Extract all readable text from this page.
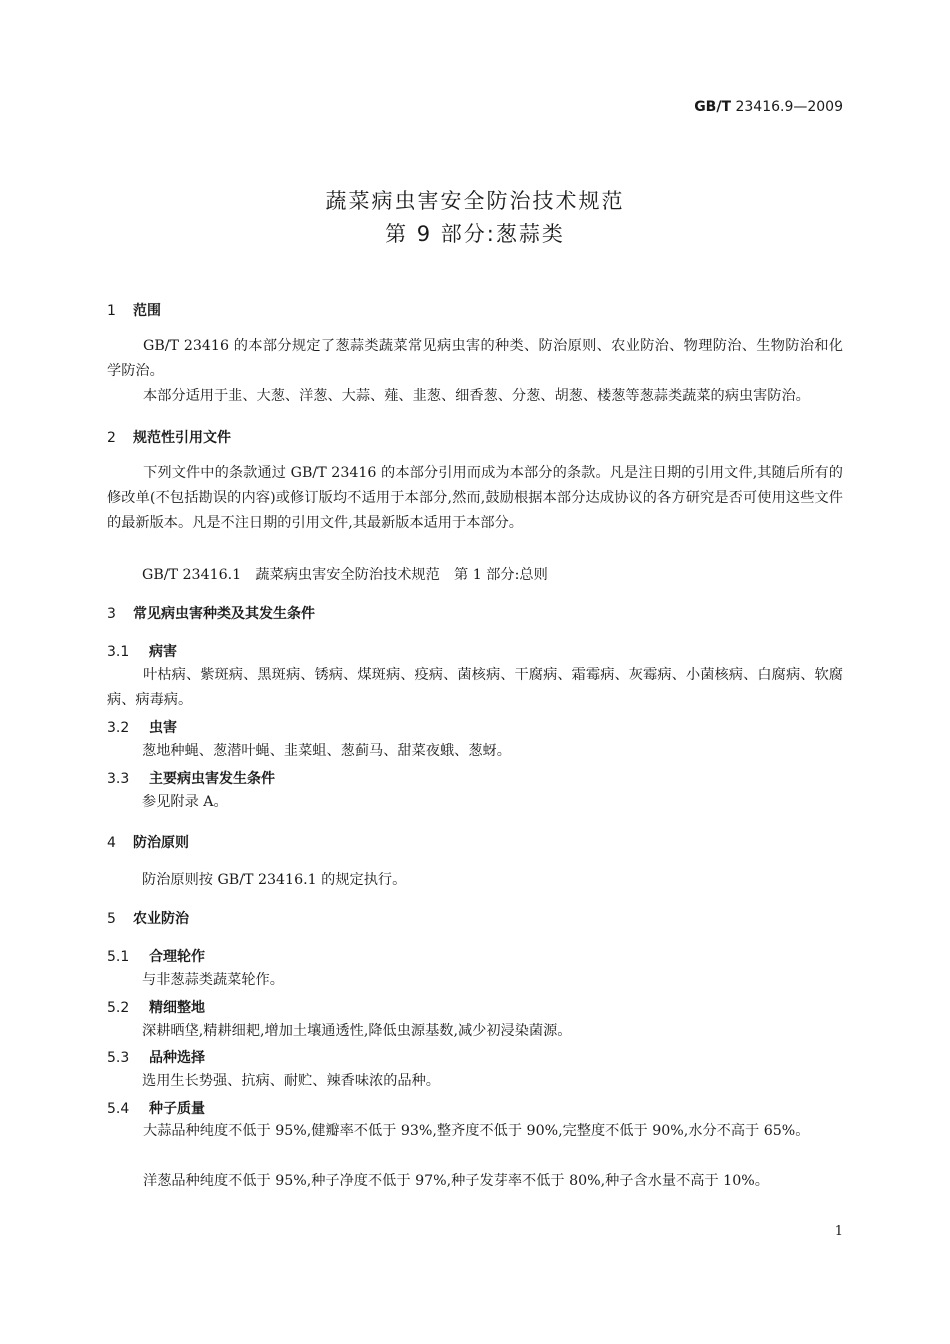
GB/T 23416.9—2009
蔬菜病虫害安全防治技术规范
第 9 部分:葱蒜类
1 范围
GB/T 23416 的本部分规定了葱蒜类蔬菜常见病虫害的种类、防治原则、农业防治、物理防治、生物防治和化学防治。
本部分适用于韭、大葱、洋葱、大蒜、薤、韭葱、细香葱、分葱、胡葱、楼葱等葱蒜类蔬菜的病虫害防治。
2 规范性引用文件
下列文件中的条款通过 GB/T 23416 的本部分引用而成为本部分的条款。凡是注日期的引用文件,其随后所有的修改单(不包括勘误的内容)或修订版均不适用于本部分,然而,鼓励根据本部分达成协议的各方研究是否可使用这些文件的最新版本。凡是不注日期的引用文件,其最新版本适用于本部分。
GB/T 23416.1　蔬菜病虫害安全防治技术规范　第 1 部分:总则
3 常见病虫害种类及其发生条件
3.1 病害
叶枯病、紫斑病、黑斑病、锈病、煤斑病、疫病、菌核病、干腐病、霜霉病、灰霉病、小菌核病、白腐病、软腐病、病毒病。
3.2 虫害
葱地种蝇、葱潜叶蝇、韭菜蛆、葱蓟马、甜菜夜蛾、葱蚜。
3.3 主要病虫害发生条件
参见附录 A。
4 防治原则
防治原则按 GB/T 23416.1 的规定执行。
5 农业防治
5.1 合理轮作
与非葱蒜类蔬菜轮作。
5.2 精细整地
深耕晒垡,精耕细耙,增加土壤通透性,降低虫源基数,减少初浸染菌源。
5.3 品种选择
选用生长势强、抗病、耐贮、辣香味浓的品种。
5.4 种子质量
大蒜品种纯度不低于 95%,健瓣率不低于 93%,整齐度不低于 90%,完整度不低于 90%,水分不高于 65%。
洋葱品种纯度不低于 95%,种子净度不低于 97%,种子发芽率不低于 80%,种子含水量不高于 10%。
1
